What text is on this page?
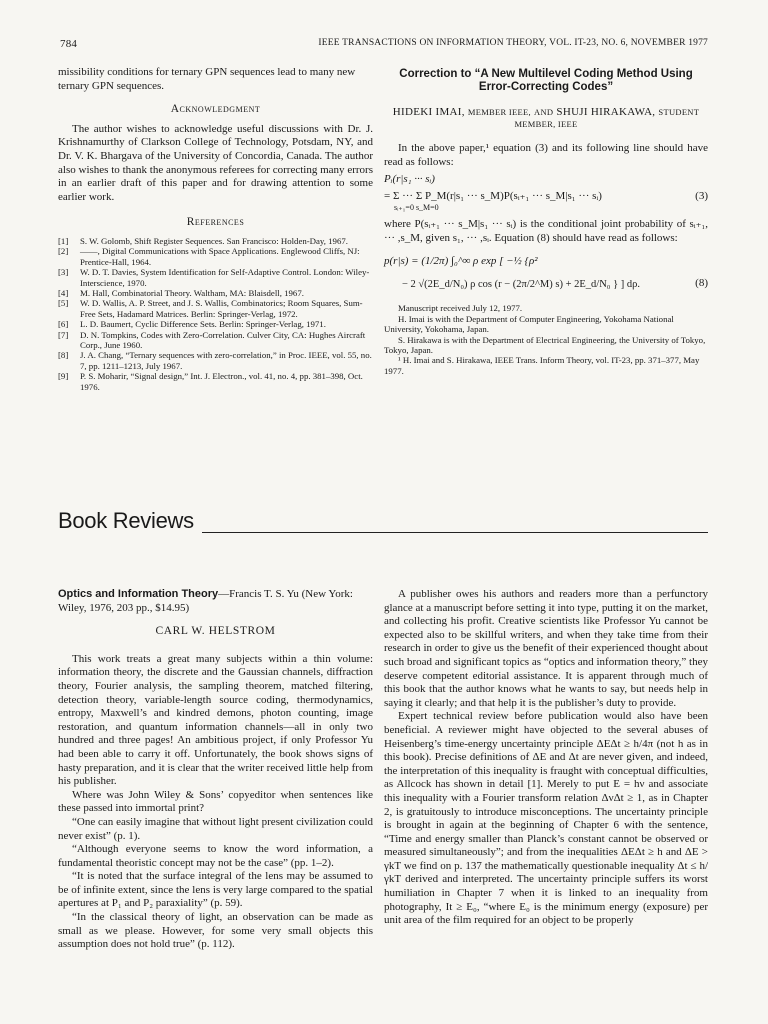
784	IEEE TRANSACTIONS ON INFORMATION THEORY, VOL. IT-23, NO. 6, NOVEMBER 1977

missibility conditions for ternary GPN sequences lead to many new ternary GPN sequences.

Acknowledgment

The author wishes to acknowledge useful discussions with Dr. J. Krishnamurthy of Clarkson College of Technology, Potsdam, NY, and Dr. V. K. Bhargava of the University of Concordia, Canada. The author also wishes to thank the anonymous referees for correcting many errors in an earlier draft of this paper and for drawing attention to some earlier work.

References

[1] S. W. Golomb, Shift Register Sequences. San Francisco: Holden-Day, 1967.
[2] ——, Digital Communications with Space Applications. Englewood Cliffs, NJ: Prentice-Hall, 1964.
[3] W. D. T. Davies, System Identification for Self-Adaptive Control. London: Wiley-Interscience, 1970.
[4] M. Hall, Combinatorial Theory. Waltham, MA: Blaisdell, 1967.
[5] W. D. Wallis, A. P. Street, and J. S. Wallis, Combinatorics; Room Squares, Sum-Free Sets, Hadamard Matrices. Berlin: Springer-Verlag, 1972.
[6] L. D. Baumert, Cyclic Difference Sets. Berlin: Springer-Verlag, 1971.
[7] D. N. Tompkins, Codes with Zero-Correlation. Culver City, CA: Hughes Aircraft Corp., June 1960.
[8] J. A. Chang, “Ternary sequences with zero-correlation,” in Proc. IEEE, vol. 55, no. 7, pp. 1211–1213, July 1967.
[9] P. S. Moharir, “Signal design,” Int. J. Electron., vol. 41, no. 4, pp. 381–398, Oct. 1976.

Correction to “A New Multilevel Coding Method Using Error-Correcting Codes”

HIDEKI IMAI, MEMBER IEEE, AND SHUJI HIRAKAWA, STUDENT MEMBER, IEEE

In the above paper,¹ equation (3) and its following line should have read as follows:

Pᵢ(r|s₁ ··· sᵢ)
= Σ ··· Σ P_M(r|s₁ ··· s_M)P(sᵢ₊₁ ··· s_M|s₁ ··· sᵢ)	(3)
sᵢ₊₁=0 s_M=0

where P(sᵢ₊₁ ··· s_M|s₁ ··· sᵢ) is the conditional joint probability of sᵢ₊₁, ··· ,s_M, given s₁, ··· ,sᵢ. Equation (8) should have read as follows:

p(r|s) = (1/2π) ∫₀^∞ ρ exp [ −½ {ρ²
− 2 √(2E_d/N₀) ρ cos (r − (2π/2^M) s) + 2E_d/N₀ } ] dρ.	(8)

Manuscript received July 12, 1977.

H. Imai is with the Department of Computer Engineering, Yokohama National University, Yokohama, Japan.

S. Hirakawa is with the Department of Electrical Engineering, the University of Tokyo, Tokyo, Japan.

¹ H. Imai and S. Hirakawa, IEEE Trans. Inform Theory, vol. IT-23, pp. 371–377, May 1977.

Book Reviews

Optics and Information Theory—Francis T. S. Yu (New York: Wiley, 1976, 203 pp., $14.95)

CARL W. HELSTROM

This work treats a great many subjects within a thin volume: information theory, the discrete and the Gaussian channels, diffraction theory, Fourier analysis, the sampling theorem, matched filtering, detection theory, variable-length source coding, thermodynamics, entropy, Maxwell’s and kindred demons, photon counting, image restoration, and quantum information channels—all in only two hundred and three pages! An ambitious project, if only Professor Yu had been able to carry it off. Unfortunately, the book shows signs of hasty preparation, and it is clear that the writer received little help from his publisher.

Where was John Wiley & Sons’ copyeditor when sentences like these passed into immortal print?

“One can easily imagine that without light present civilization could never exist” (p. 1).

“Although everyone seems to know the word information, a fundamental theoristic concept may not be the case” (pp. 1–2).

“It is noted that the surface integral of the lens may be assumed to be of infinite extent, since the lens is very large compared to the spatial apertures at P₁ and P₂ paraxiality” (p. 59).

“In the classical theory of light, an observation can be made as small as we please. However, for some very small objects this assumption does not hold true” (p. 112).

A publisher owes his authors and readers more than a perfunctory glance at a manuscript before setting it into type, putting it on the market, and collecting his profit. Creative scientists like Professor Yu cannot be expected also to be skillful writers, and when they take time from their research in order to give us the benefit of their experienced thought about such broad and significant topics as “optics and information theory,” they deserve competent editorial assistance. It is apparent through much of this book that the author knows what he wants to say, but needs help in saying it clearly; and that help it is the publisher’s duty to provide.

Expert technical review before publication would also have been beneficial. A reviewer might have objected to the several abuses of Heisenberg’s time-energy uncertainty principle ΔEΔt ≥ h/4π (not h as in this book). Precise definitions of ΔE and Δt are never given, and indeed, the interpretation of this inequality is fraught with conceptual difficulties, as Allcock has shown in detail [1]. Merely to put E = hν and associate this inequality with a Fourier transform relation ΔνΔt ≥ 1, as in Chapter 2, is gratuitously to introduce misconceptions. The uncertainty principle is brought in again at the beginning of Chapter 6 with the sentence, “Time and energy smaller than Planck’s constant cannot be observed or measured simultaneously”; and from the inequalities ΔEΔt ≥ h and ΔE > γkT we find on p. 137 the mathematically questionable inequality Δt ≤ h/γkT derived and interpreted. The uncertainty principle suffers its worst humiliation in Chapter 7 when it is linked to an inequality from photography, It ≥ E₀, “where E₀ is the minimum energy (exposure) per unit area of the film required for an object to be properly
